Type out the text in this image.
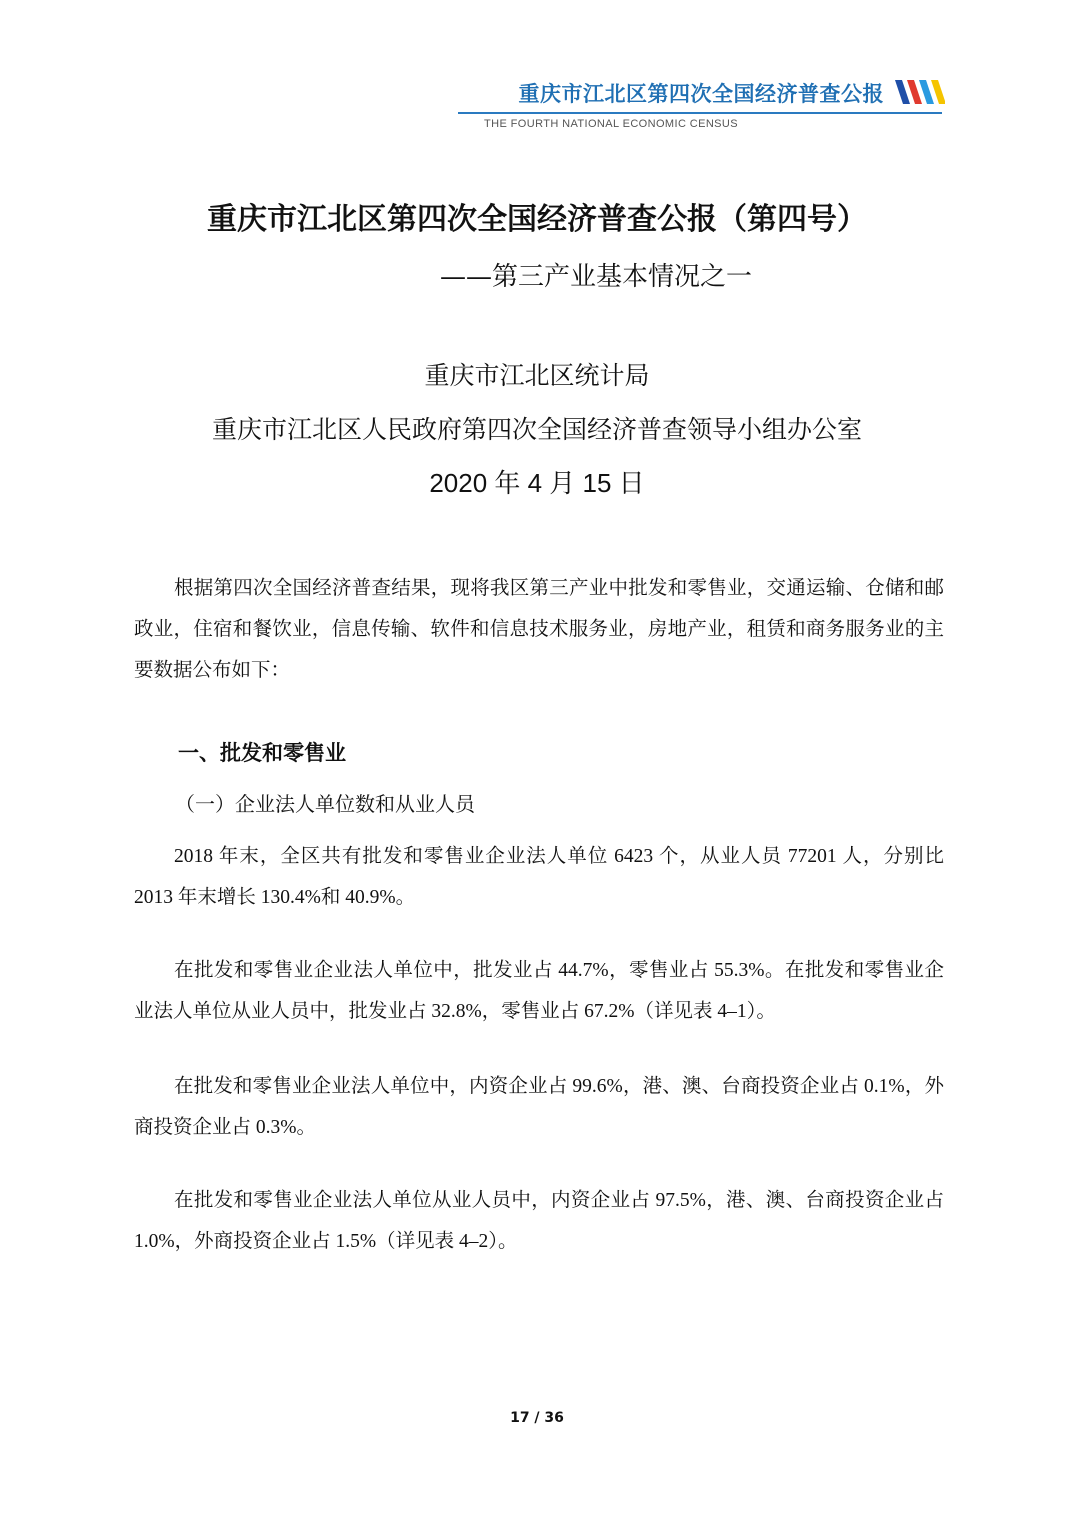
重庆市江北区第四次全国经济普查公报
THE FOURTH NATIONAL ECONOMIC CENSUS
重庆市江北区第四次全国经济普查公报（第四号）
——第三产业基本情况之一
重庆市江北区统计局
重庆市江北区人民政府第四次全国经济普查领导小组办公室
2020 年 4 月 15 日

根据第四次全国经济普查结果，现将我区第三产业中批发和零售业，交通运输、仓储和邮政业，住宿和餐饮业，信息传输、软件和信息技术服务业，房地产业，租赁和商务服务业的主要数据公布如下：

一、批发和零售业
（一）企业法人单位数和从业人员

2018 年末，全区共有批发和零售业企业法人单位 6423 个，从业人员 77201 人，分别比 2013 年末增长 130.4%和 40.9%。

在批发和零售业企业法人单位中，批发业占 44.7%，零售业占 55.3%。在批发和零售业企业法人单位从业人员中，批发业占 32.8%，零售业占 67.2%（详见表 4–1）。

在批发和零售业企业法人单位中，内资企业占 99.6%，港、澳、台商投资企业占 0.1%，外商投资企业占 0.3%。

在批发和零售业企业法人单位从业人员中，内资企业占 97.5%，港、澳、台商投资企业占 1.0%，外商投资企业占 1.5%（详见表 4–2）。

17 / 36
